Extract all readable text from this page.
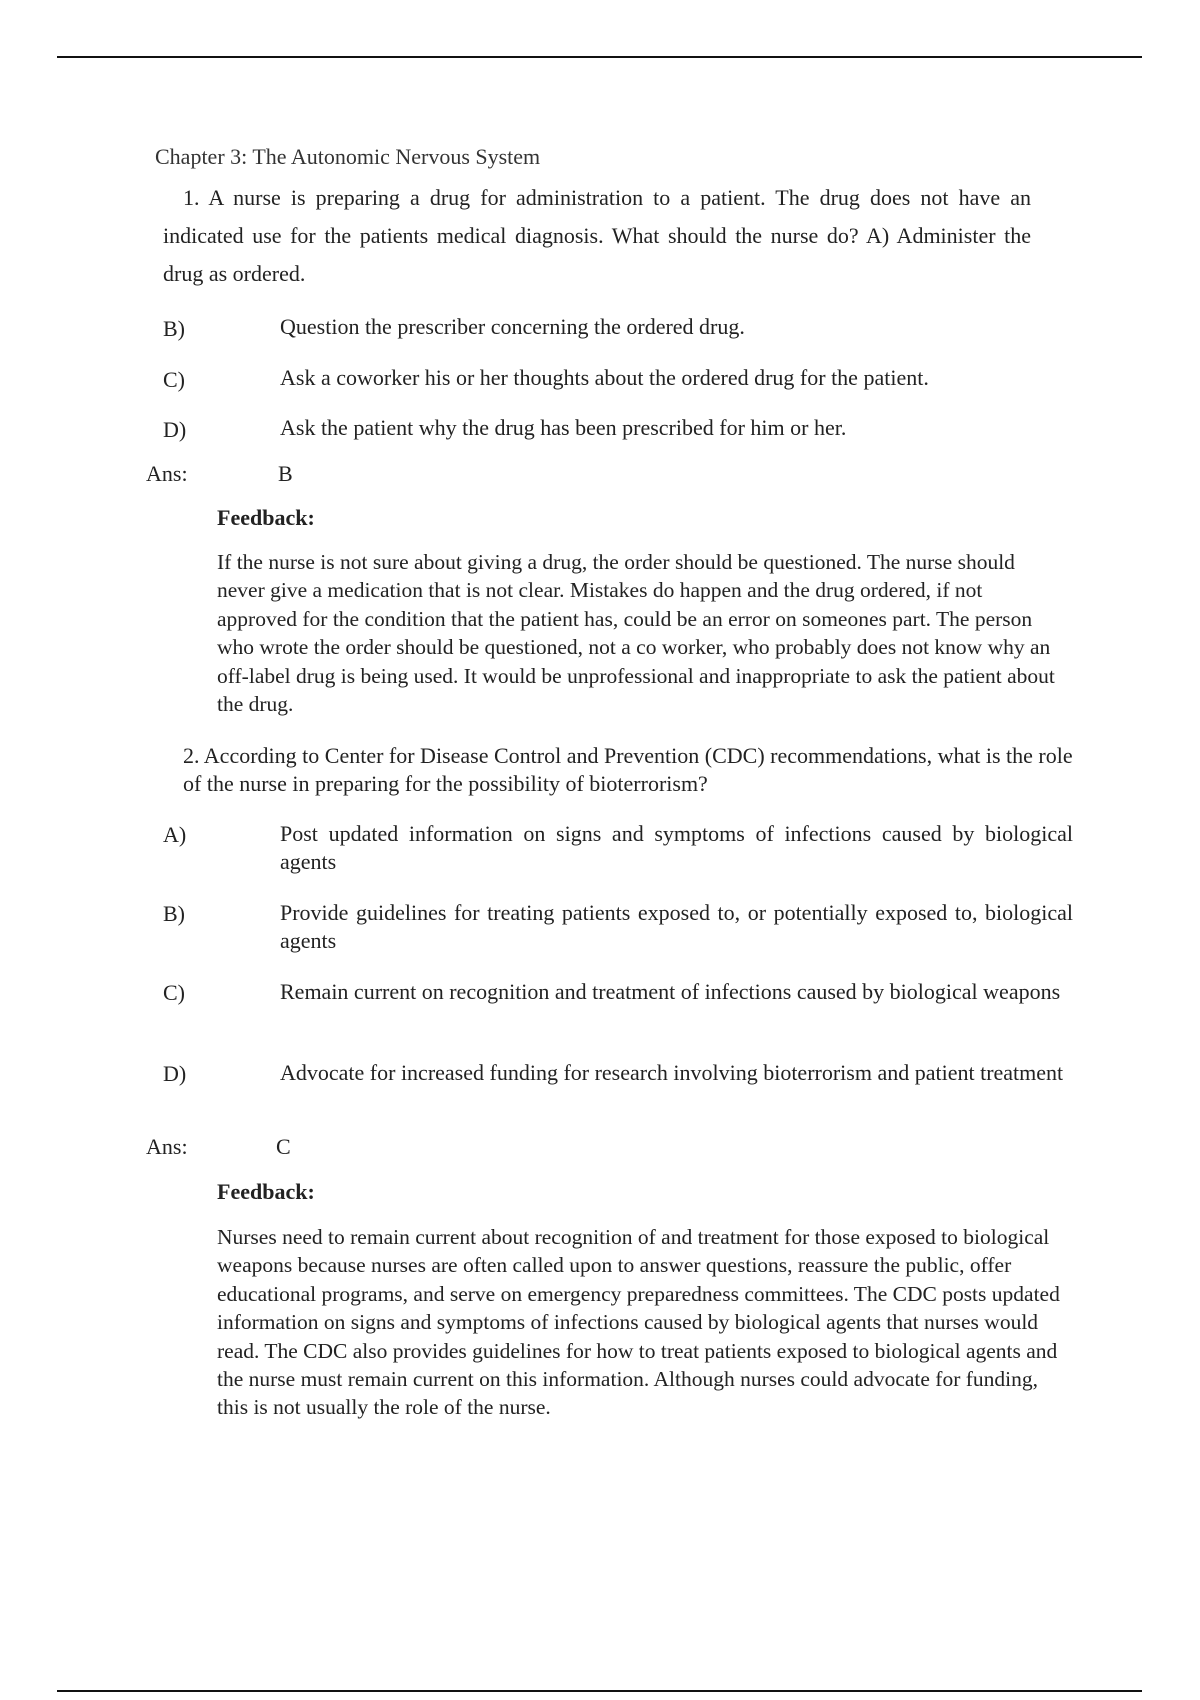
Chapter 3: The Autonomic Nervous System
1. A nurse is preparing a drug for administration to a patient. The drug does not have an indicated use for the patients medical diagnosis. What should the nurse do? A) Administer the drug as ordered.
B)	Question the prescriber concerning the ordered drug.
C)	Ask a coworker his or her thoughts about the ordered drug for the patient.
D)	Ask the patient why the drug has been prescribed for him or her.
Ans:	B
Feedback:
If the nurse is not sure about giving a drug, the order should be questioned. The nurse should never give a medication that is not clear. Mistakes do happen and the drug ordered, if not approved for the condition that the patient has, could be an error on someones part. The person who wrote the order should be questioned, not a co worker, who probably does not know why an off-label drug is being used. It would be unprofessional and inappropriate to ask the patient about the drug.
2. According to Center for Disease Control and Prevention (CDC) recommendations, what is the role of the nurse in preparing for the possibility of bioterrorism?
A)	Post updated information on signs and symptoms of infections caused by biological agents
B)	Provide guidelines for treating patients exposed to, or potentially exposed to, biological agents
C)	Remain current on recognition and treatment of infections caused by biological weapons
D)	Advocate for increased funding for research involving bioterrorism and patient treatment
Ans:	C
Feedback:
Nurses need to remain current about recognition of and treatment for those exposed to biological weapons because nurses are often called upon to answer questions, reassure the public, offer educational programs, and serve on emergency preparedness committees. The CDC posts updated information on signs and symptoms of infections caused by biological agents that nurses would read. The CDC also provides guidelines for how to treat patients exposed to biological agents and the nurse must remain current on this information. Although nurses could advocate for funding, this is not usually the role of the nurse.
